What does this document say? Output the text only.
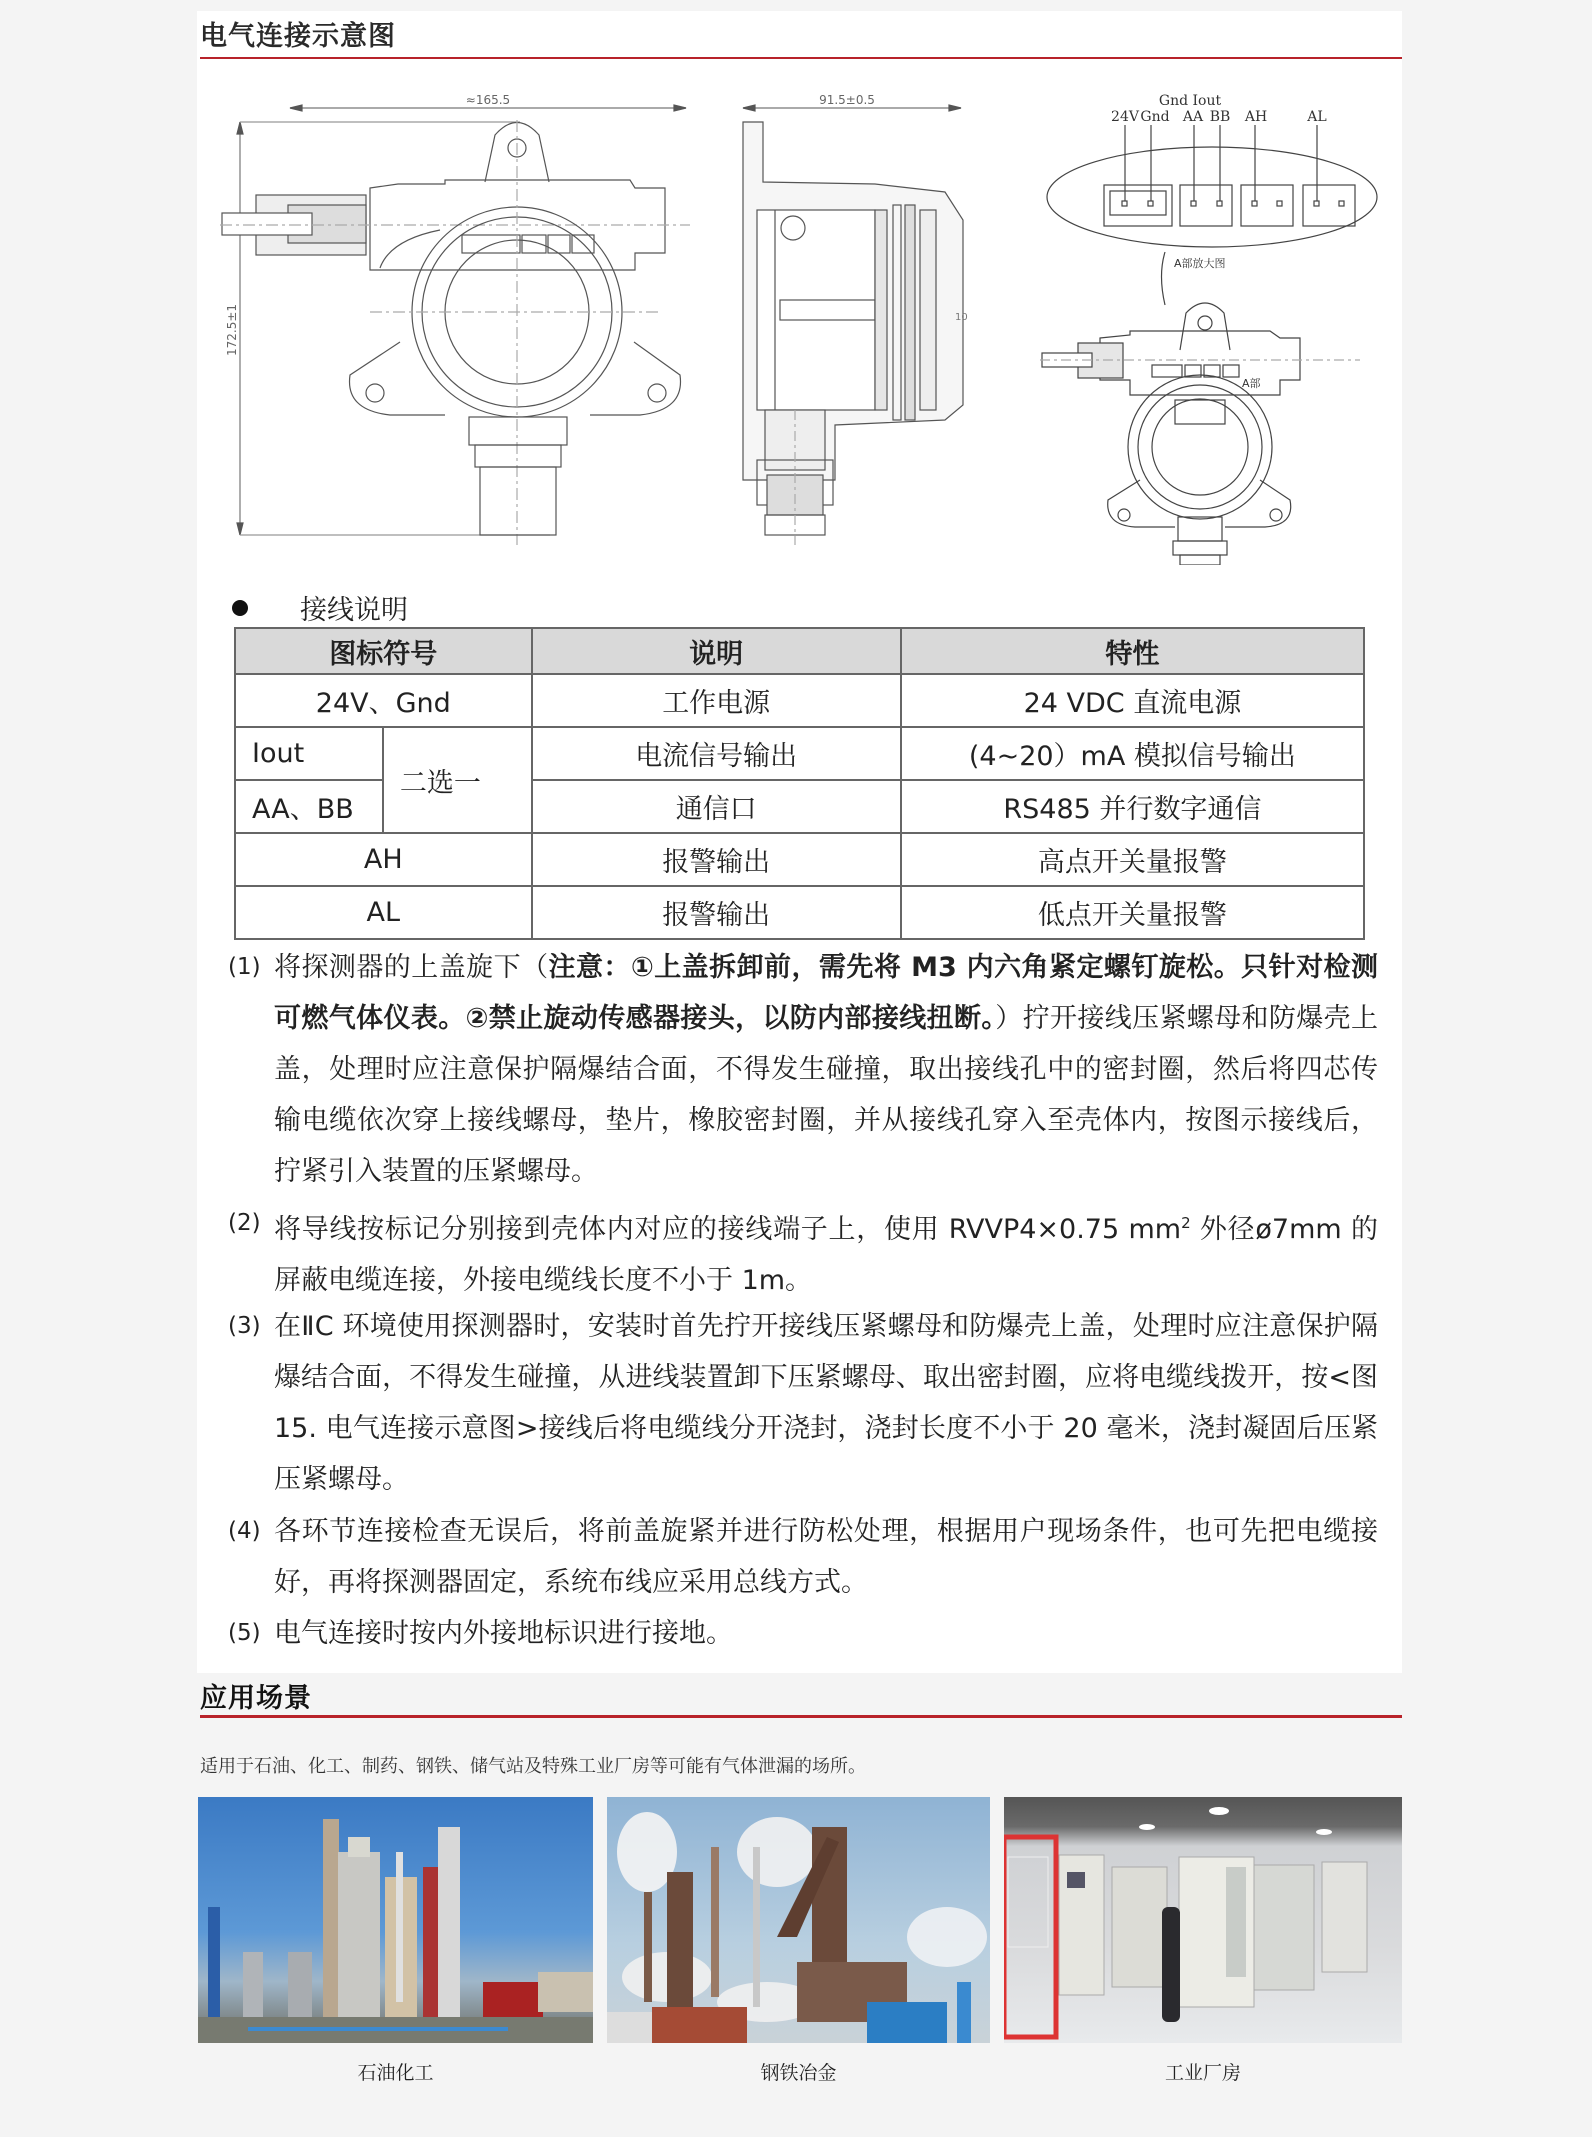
电气连接示意图
≈165.5
172.5±1
91.5±0.5
10
Gnd Iout
24V Gnd AA BB AH	AL
A部放大图
A部
接线说明
图标符号		说明	特性
24V、Gnd		工作电源	24 VDC 直流电源
Iout	二选一	电流信号输出	(4~20）mA 模拟信号输出
AA、BB		通信口	RS485 并行数字通信
AH		报警输出	高点开关量报警
AL		报警输出	低点开关量报警
(1) 将探测器的上盖旋下（注意：①上盖拆卸前，需先将 M3 内六角紧定螺钉旋松。只针对检测可燃气体仪表。②禁止旋动传感器接头，以防内部接线扭断。）拧开接线压紧螺母和防爆壳上盖，处理时应注意保护隔爆结合面，不得发生碰撞，取出接线孔中的密封圈，然后将四芯传输电缆依次穿上接线螺母，垫片，橡胶密封圈，并从接线孔穿入至壳体内，按图示接线后，拧紧引入装置的压紧螺母。
(2) 将导线按标记分别接到壳体内对应的接线端子上，使用 RVVP4×0.75 $mm^2$ 外径ø7mm 的屏蔽电缆连接，外接电缆线长度不小于 1m。
(3) 在ⅡC 环境使用探测器时，安装时首先拧开接线压紧螺母和防爆壳上盖，处理时应注意保护隔爆结合面，不得发生碰撞，从进线装置卸下压紧螺母、取出密封圈，应将电缆线拨开，按<图 15. 电气连接示意图>接线后将电缆线分开浇封，浇封长度不小于 20 毫米，浇封凝固后压紧压紧螺母。
(4) 各环节连接检查无误后，将前盖旋紧并进行防松处理，根据用户现场条件，也可先把电缆接好，再将探测器固定，系统布线应采用总线方式。
(5) 电气连接时按内外接地标识进行接地。
应用场景
适用于石油、化工、制药、钢铁、储气站及特殊工业厂房等可能有气体泄漏的场所。
石油化工	钢铁冶金	工业厂房
